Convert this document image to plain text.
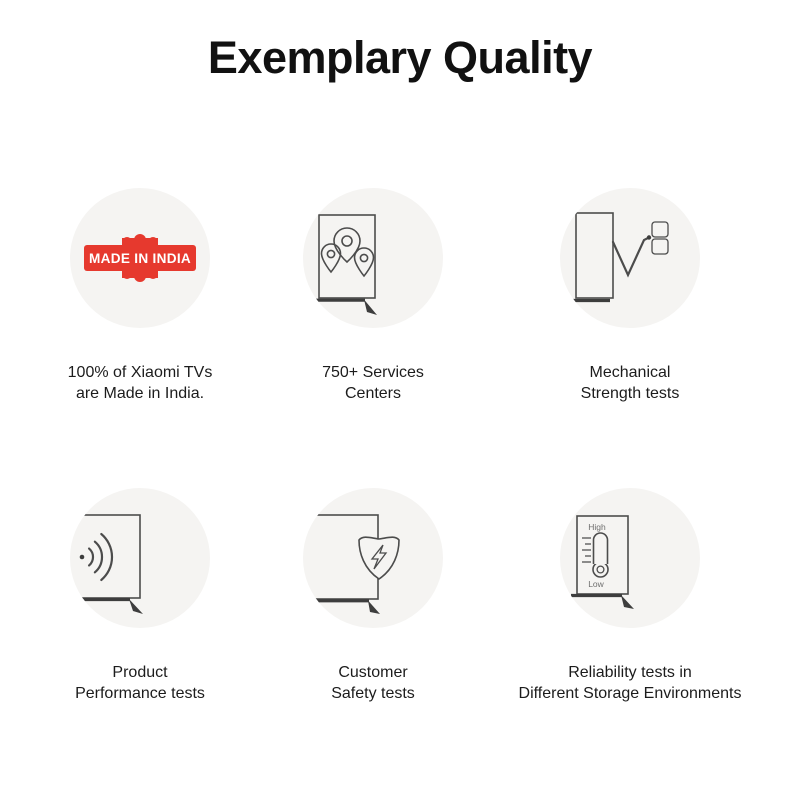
Exemplary Quality
MADE IN INDIA
100% of Xiaomi TVs
are Made in India.
750+ Services
Centers
Mechanical
Strength tests
Product
Performance tests
Customer
Safety tests
High
Low
Reliability tests in
Different Storage Environments
